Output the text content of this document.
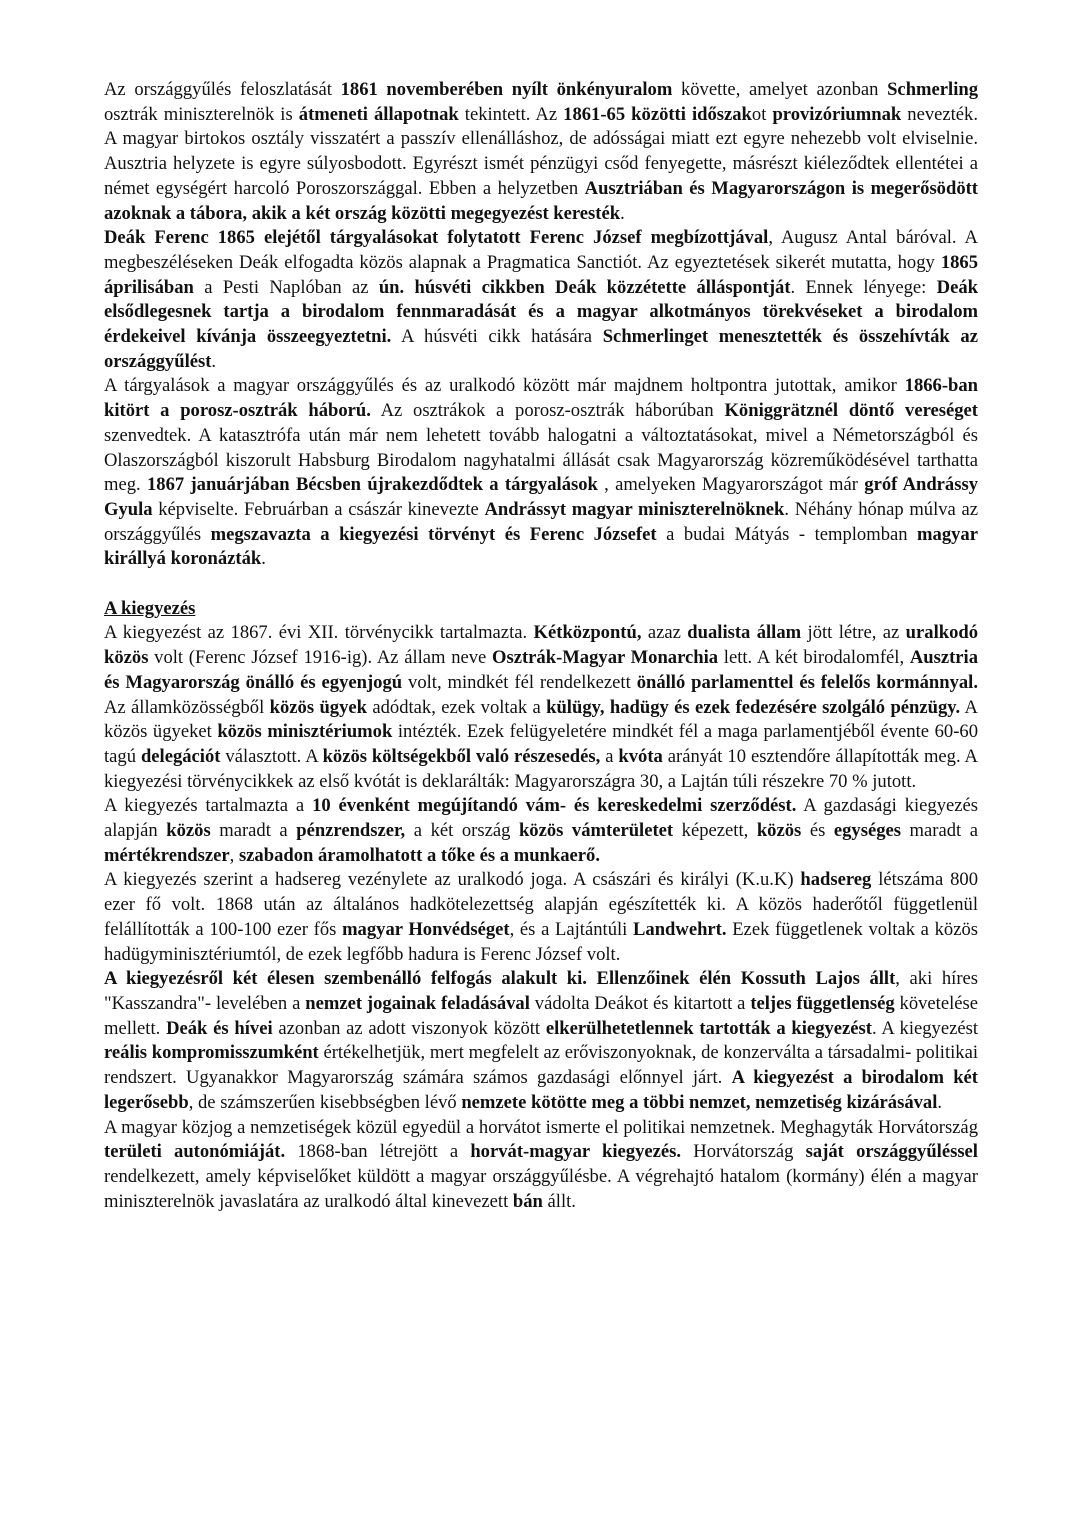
Az országgyűlés feloszlatását 1861 novemberében nyílt önkényuralom követte, amelyet azonban Schmerling osztrák miniszterelnök is átmeneti állapotnak tekintett. Az 1861-65 közötti időszakot provizóriumnak nevezték. A magyar birtokos osztály visszatért a passzív ellenálláshoz, de adósságai miatt ezt egyre nehezebb volt elviselnie. Ausztria helyzete is egyre súlyosbodott. Egyrészt ismét pénzügyi csőd fenyegette, másrészt kiéleződtek ellentétei a német egységért harcoló Poroszországgal. Ebben a helyzetben Ausztriában és Magyarországon is megerősödött azoknak a tábora, akik a két ország közötti megegyezést keresték.

Deák Ferenc 1865 elejétől tárgyalásokat folytatott Ferenc József megbízottjával, Augusz Antal báróval. A megbeszéléseken Deák elfogadta közös alapnak a Pragmatica Sanctiót. Az egyeztetések sikerét mutatta, hogy 1865 áprilisában a Pesti Naplóban az ún. húsvéti cikkben Deák közzétette álláspontját. Ennek lényege: Deák elsődlegesnek tartja a birodalom fennmaradását és a magyar alkotmányos törekvéseket a birodalom érdekeivel kívánja összeegyeztetni. A húsvéti cikk hatására Schmerlinget menesztették és összehívták az országgyűlést.

A tárgyalások a magyar országgyűlés és az uralkodó között már majdnem holtpontra jutottak, amikor 1866-ban kitört a porosz-osztrák háború. Az osztrákok a porosz-osztrák háborúban Königgrätznél döntő vereséget szenvedtek. A katasztrófa után már nem lehetett tovább halogatni a változtatásokat, mivel a Németországból és Olaszországból kiszorult Habsburg Birodalom nagyhatalmi állását csak Magyarország közreműködésével tarthatta meg. 1867 januárjában Bécsben újrakezdődtek a tárgyalások , amelyeken Magyarországot már gróf Andrássy Gyula képviselte. Februárban a császár kinevezte Andrássyt magyar miniszterelnöknek. Néhány hónap múlva az országgyűlés megszavazta a kiegyezési törvényt és Ferenc Józsefet a budai Mátyás - templomban magyar királlyá koronázták.

A kiegyezés

A kiegyezést az 1867. évi XII. törvénycikk tartalmazta. Kétközpontú, azaz dualista állam jött létre, az uralkodó közös volt (Ferenc József 1916-ig). Az állam neve Osztrák-Magyar Monarchia lett. A két birodalomfél, Ausztria és Magyarország önálló és egyenjogú volt, mindkét fél rendelkezett önálló parlamenttel és felelős kormánnyal. Az államközösségből közös ügyek adódtak, ezek voltak a külügy, hadügy és ezek fedezésére szolgáló pénzügy. A közös ügyeket közös minisztériumok intézték. Ezek felügyeletére mindkét fél a maga parlamentjéből évente 60-60 tagú delegációt választott. A közös költségekből való részesedés, a kvóta arányát 10 esztendőre állapították meg. A kiegyezési törvénycikkek az első kvótát is deklarálták: Magyarországra 30, a Lajtán túli részekre 70 % jutott.

A kiegyezés tartalmazta a 10 évenként megújítandó vám- és kereskedelmi szerződést. A gazdasági kiegyezés alapján közös maradt a pénzrendszer, a két ország közös vámterületet képezett, közös és egységes maradt a mértékrendszer, szabadon áramolhatott a tőke és a munkaerő.

A kiegyezés szerint a hadsereg vezénylete az uralkodó joga. A császári és királyi (K.u.K) hadsereg létszáma 800 ezer fő volt. 1868 után az általános hadkötelezettség alapján egészítették ki. A közös haderőtől függetlenül felállították a 100-100 ezer fős magyar Honvédséget, és a Lajtántúli Landwehrt. Ezek függetlenek voltak a közös hadügyminisztériumtól, de ezek legfőbb hadura is Ferenc József volt.

A kiegyezésről két élesen szembenálló felfogás alakult ki. Ellenzőinek élén Kossuth Lajos állt, aki híres "Kasszandra"- levelében a nemzet jogainak feladásával vádolta Deákot és kitartott a teljes függetlenség követelése mellett. Deák és hívei azonban az adott viszonyok között elkerülhetetlennek tartották a kiegyezést. A kiegyezést reális kompromisszumként értékelhetjük, mert megfelelt az erőviszonyoknak, de konzerválta a társadalmi- politikai rendszert. Ugyanakkor Magyarország számára számos gazdasági előnnyel járt. A kiegyezést a birodalom két legerősebb, de számszerűen kisebbségben lévő nemzete kötötte meg a többi nemzet, nemzetiség kizárásával.

A magyar közjog a nemzetiségek közül egyedül a horvátot ismerte el politikai nemzetnek. Meghagyták Horvátország területi autonómiáját. 1868-ban létrejött a horvát-magyar kiegyezés. Horvátország saját országgyűléssel rendelkezett, amely képviselőket küldött a magyar országgyűlésbe. A végrehajtó hatalom (kormány) élén a magyar miniszterelnök javaslatára az uralkodó által kinevezett bán állt.
